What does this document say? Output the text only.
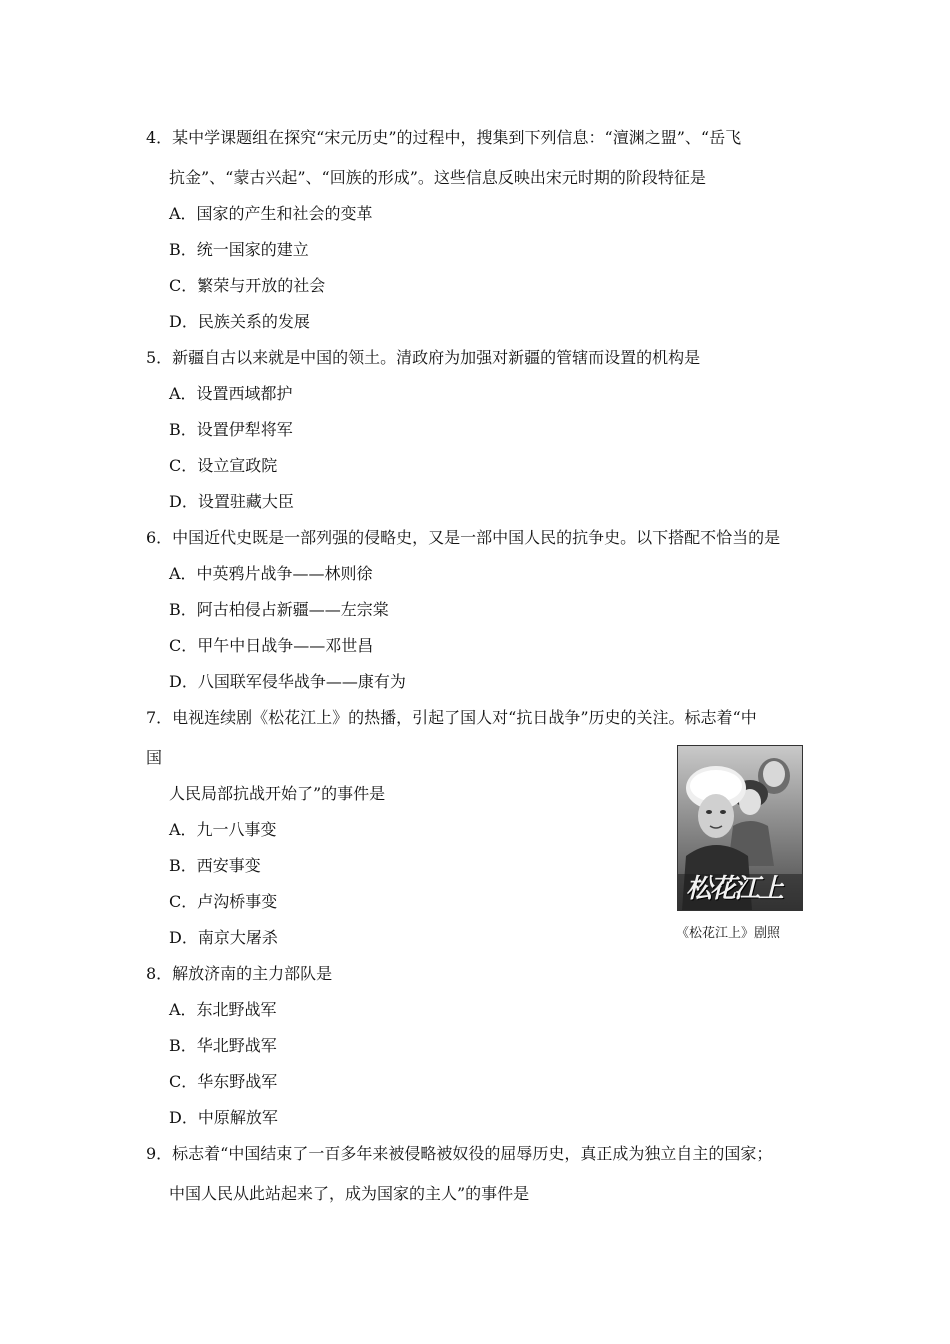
4．某中学课题组在探究“宋元历史”的过程中，搜集到下列信息：“澶渊之盟”、“岳飞
抗金”、“蒙古兴起”、“回族的形成”。这些信息反映出宋元时期的阶段特征是
A．国家的产生和社会的变革
B．统一国家的建立
C．繁荣与开放的社会
D．民族关系的发展
5．新疆自古以来就是中国的领土。清政府为加强对新疆的管辖而设置的机构是
A．设置西域都护
B．设置伊犁将军
C．设立宣政院
D．设置驻藏大臣
6．中国近代史既是一部列强的侵略史，又是一部中国人民的抗争史。以下搭配不恰当的是
A．中英鸦片战争——林则徐
B．阿古柏侵占新疆——左宗棠
C．甲午中日战争——邓世昌
D．八国联军侵华战争——康有为
7．电视连续剧《松花江上》的热播，引起了国人对“抗日战争”历史的关注。标志着“中
国
人民局部抗战开始了”的事件是
A．九一八事变
B．西安事变
C．卢沟桥事变
D．南京大屠杀
松花江上
《松花江上》剧照
8．解放济南的主力部队是
A．东北野战军
B．华北野战军
C．华东野战军
D．中原解放军
9．标志着“中国结束了一百多年来被侵略被奴役的屈辱历史，真正成为独立自主的国家；
中国人民从此站起来了，成为国家的主人”的事件是
